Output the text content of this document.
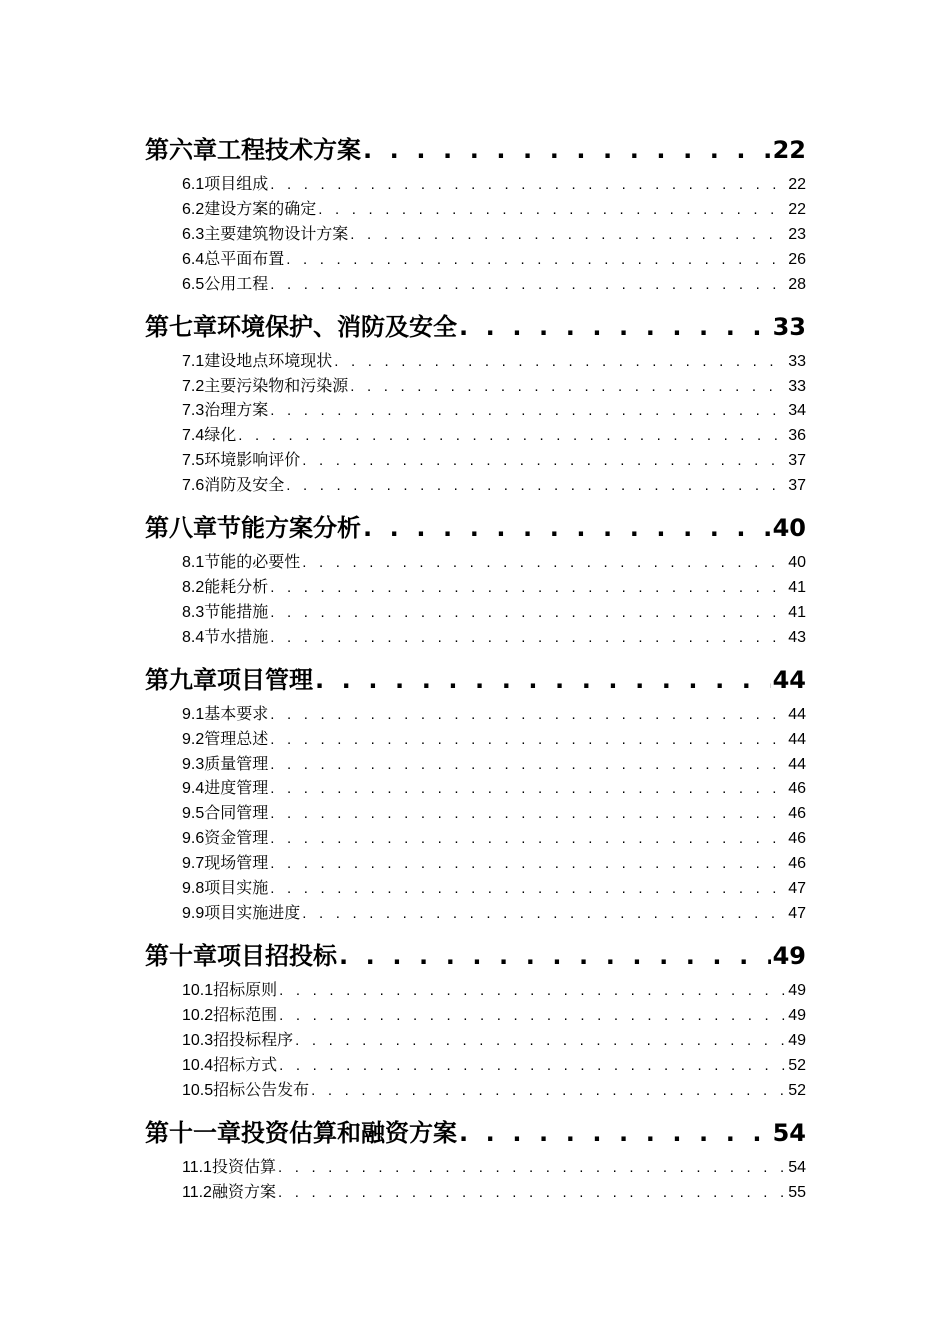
第六章 工程技术方案 . . .	22
6.1项目组成 . . .	22
6.2建设方案的确定 . . .	22
6.3主要建筑物设计方案 . . .	23
6.4总平面布置 . . .	26
6.5公用工程 . . .	28
第七章 环境保护、消防及安全 . . .	33
7.1建设地点环境现状 . . .	33
7.2主要污染物和污染源 . . .	33
7.3治理方案 . . .	34
7.4绿化 . . .	36
7.5环境影响评价 . . .	37
7.6消防及安全 . . .	37
第八章 节能方案分析 . . .	40
8.1节能的必要性 . . .	40
8.2能耗分析 . . .	41
8.3节能措施 . . .	41
8.4节水措施 . . .	43
第九章 项目管理 . . .	44
9.1基本要求 . . .	44
9.2管理总述 . . .	44
9.3质量管理 . . .	44
9.4进度管理 . . .	46
9.5合同管理 . . .	46
9.6资金管理 . . .	46
9.7现场管理 . . .	46
9.8项目实施 . . .	47
9.9项目实施进度 . . .	47
第十章 项目招投标 . . .	49
10.1招标原则 . . .	49
10.2招标范围 . . .	49
10.3招投标程序 . . .	49
10.4招标方式 . . .	52
10.5招标公告发布 . . .	52
第十一章 投资估算和融资方案 . . .	54
11.1投资估算 . . .	54
11.2融资方案 . . .	55
